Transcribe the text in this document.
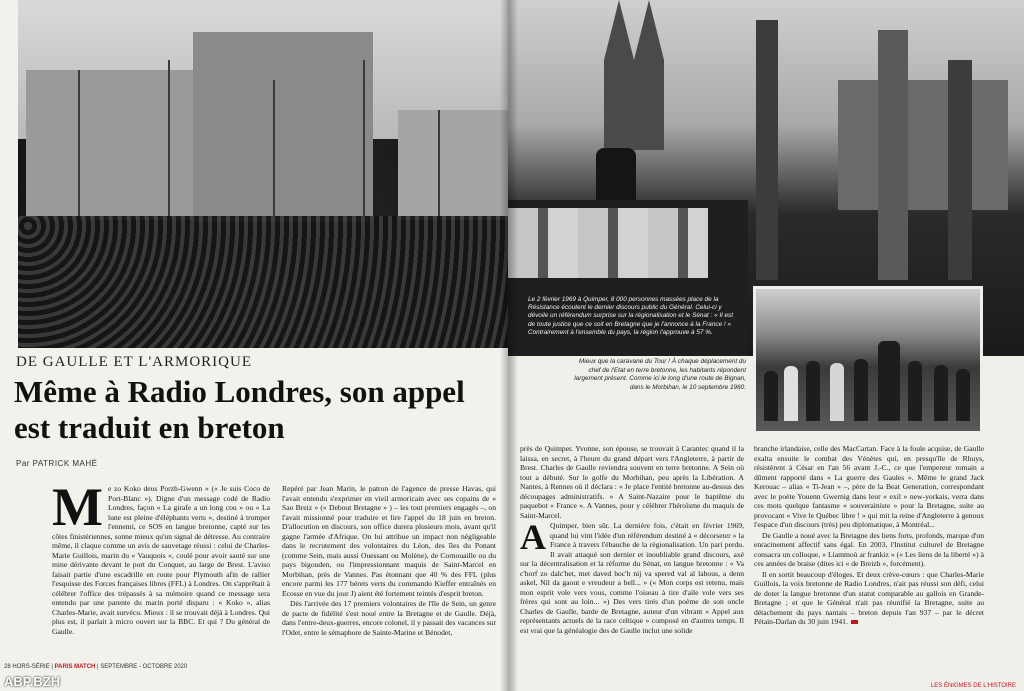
DE GAULLE ET L'ARMORIQUE
Même à Radio Londres, son appel est traduit en breton
Par PATRICK MAHÉ
M e zo Koko deus Porzh-Gwenn » (« Je suis Coco de Port-Blanc »). Digne d'un message codé de Radio Londres, façon « La girafe a un long cou » ou « La lune est pleine d'éléphants verts », destiné à tromper l'ennemi, ce SOS en langue bretonne, capté sur les côtes finistériennes, sonne mieux qu'un signal de détresse. Au contraire même, il claque comme un avis de sauvetage réussi : celui de Charles-Marie Guillois, marin du « Vauquois », coulé pour avoir sauté sur une mine dérivante devant le port du Conquet, au large de Brest. L'aviso faisait partie d'une escadrille en route pour Plymouth afin de rallier l'esquisse des Forces françaises libres (FFL) à Londres. On s'apprêtait à célébrer l'office des trépassés à sa mémoire quand ce message sera entendu par une parente du marin porté disparu : « Koko », alias Charles-Marie, avait survécu. Mieux : il se trouvait déjà à Londres. Qui plus est, il parlait à micro ouvert sur la BBC. Et qui ? Du général de Gaulle.

Repéré par Jean Marin, le patron de l'agence de presse Havas, qui l'avait entendu s'exprimer en vieil armoricain avec ses copains de « Sao Breiz » (« Debout Bretagne » ) – les tout premiers engagés –, on l'avait missionné pour traduire et lire l'appel du 18 juin en breton. D'allocution en discours, son office durera plusieurs mois, avant qu'il gagne l'armée d'Afrique. On lui attribue un impact non négligeable dans le recrutement des volontaires du Léon, des îles du Ponant (comme Sein, mais aussi Ouessant ou Molène), de Cornouaille ou du pays bigouden, ou l'impressionnant maquis de Saint-Marcel en Morbihan, près de Vannes. Pas étonnant que 40 % des FFL (plus encore parmi les 177 bérets verts du commando Kieffer entraînés en Ecosse en vue du jour J) aient été fortement teintés d'esprit breton.

Dès l'arrivée des 17 premiers volontaires de l'île de Sein, un genre de pacte de fidélité s'est noué entre la Bretagne et de Gaulle. Déjà, dans l'entre-deux-guerres, encore colonel, il y passait des vacances sur l'Odet, entre le sémaphore de Sainte-Marine et Bénodet,

28 HORS-SÉRIE | PARIS MATCH | SEPTEMBRE - OCTOBRE 2020
ABP.BZH
Le 2 février 1969 à Quimper, 8 000 personnes massées place de la Résistance écoutent le dernier discours public du Général. Celui-ci y dévoile un référendum surprise sur la régionalisation et le Sénat : « Il est de toute justice que ce soit en Bretagne que je l'annonce à la France ! » Contrairement à l'ensemble du pays, la région l'approuve à 57 %.
Mieux que la caravane du Tour ! À chaque déplacement du chef de l'Etat en terre bretonne, les habitants répondent largement présent. Comme ici le long d'une route de Bignan, dans le Morbihan, le 10 septembre 1960.

près de Quimper. Yvonne, son épouse, se trouvait à Carantec quand il la laissa, en secret, à l'heure du grand départ vers l'Angleterre, à partir de Brest. Charles de Gaulle reviendra souvent en terre bretonne. A Sein où tout a débuté. Sur le golfe du Morbihan, peu après la Libération. A Nantes, à Rennes où il déclara : « Je place l'entité bretonne au-dessus des découpages administratifs. » A Saint-Nazaire pour le baptême du paquebot « France ». A Vannes, pour y célébrer l'héroïsme du maquis de Saint-Marcel.

A Quimper, bien sûr. La dernière fois, c'était en février 1969, quand lui vint l'idée d'un référendum destiné à « décorseter » la France à travers l'ébauche de la régionalisation. Un pari perdu. Il avait attaqué son dernier et inoubliable grand discours, axé sur la décentralisation et la réforme du Sénat, en langue bretonne : « Va c'horf zo dalc'het, met daved hoc'h nij va spered val al labous, a denn askel, Nil da gaout e vreudeur a bell... » (« Mon corps est retenu, mais mon esprit vole vers vous, comme l'oiseau à tire d'aile vole vers ses frères qui sont au loin... ») Des vers tirés d'un poème de son oncle Charles de Gaulle, barde de Bretagne, auteur d'un vibrant « Appel aux représentants actuels de la race celtique » composé en d'autres temps. Il est vrai que la généalogie des de Gaulle inclut une solide

branche irlandaise, celle des MacCartan. Face à la foule acquise, de Gaulle exalta ensuite le combat des Vénètes qui, en presqu'île de Rhuys, résistèrent à César en l'an 56 avant J.-C., ce que l'empereur romain a dûment rapporté dans « La guerre des Gaules ». Même le grand Jack Kerouac – alias « Ti-Jean » –, père de la Beat Generation, correspondant avec le poète Youenn Gwernig dans leur « exil » new-yorkais, verra dans ces mots quelque fantasme « souverainiste » pour la Bretagne, suite au provocant « Vive le Québec libre ! » qui mit la reine d'Angleterre à genoux l'espace d'un discours (très) peu diplomatique, à Montréal...

De Gaulle a noué avec la Bretagne des liens forts, profonds, marque d'un enracinement affectif sans égal. En 2003, l'Institut culturel de Bretagne consacra un colloque, « Liammoù ar frankiz » (« Les liens de la liberté ») à ces années de braise (dites ici « de Breizh », forcément).

Il en sortit beaucoup d'éloges. Et deux crève-cœurs : que Charles-Marie Guillois, la voix bretonne de Radio Londres, n'ait pas réussi son défi, celui de doter la langue bretonne d'un statut comparable au gallois en Grande-Bretagne ; et que le Général n'ait pas réunifié la Bretagne, suite au détachement du pays nantais – breton depuis l'an 937 – par le décret Pétain-Darlan du 30 juin 1941.

LES ÉNIGMES DE L'HISTOIRE
